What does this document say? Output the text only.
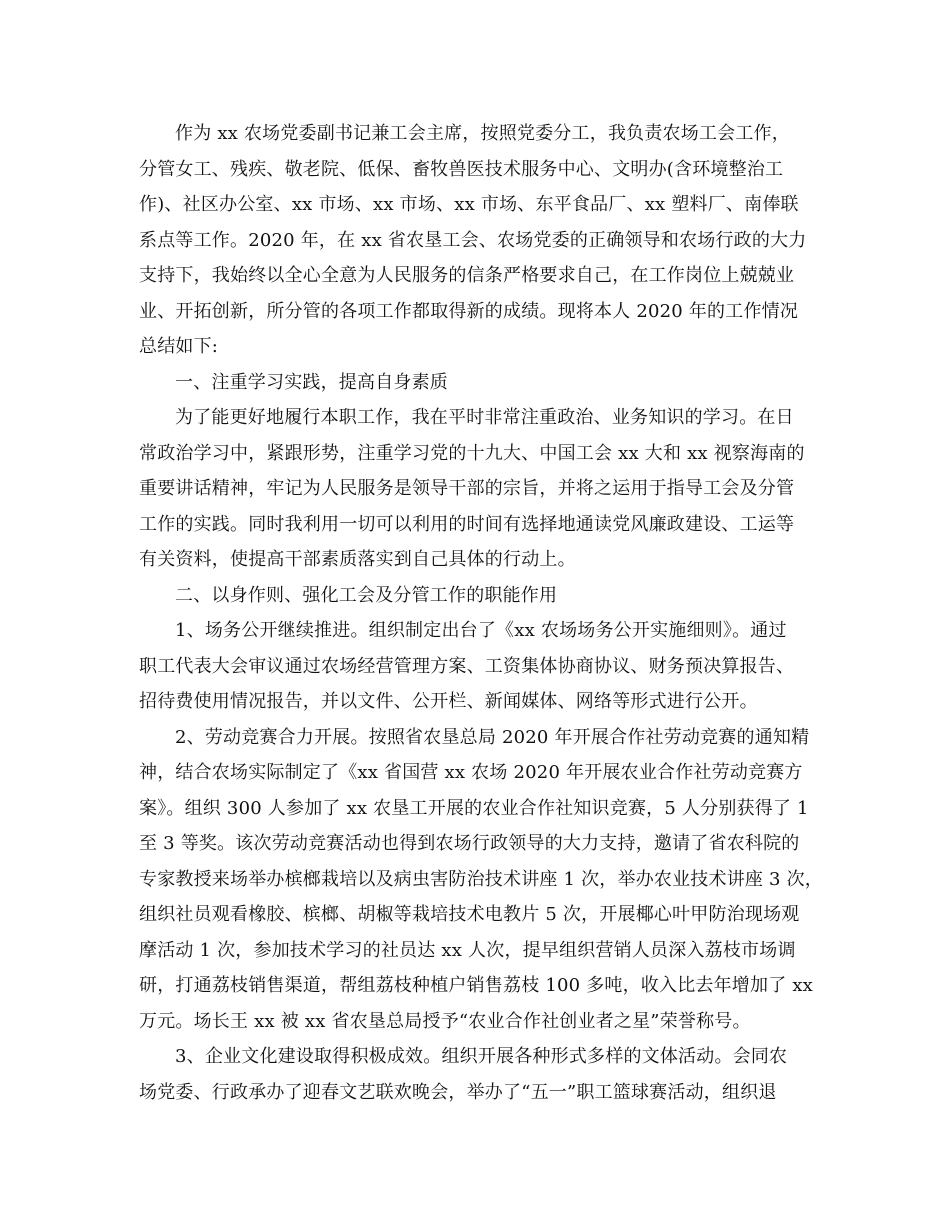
作为 xx 农场党委副书记兼工会主席，按照党委分工，我负责农场工会工作，
分管女工、残疾、敬老院、低保、畜牧兽医技术服务中心、文明办(含环境整治工
作)、社区办公室、xx 市场、xx 市场、xx 市场、东平食品厂、xx 塑料厂、南俸联
系点等工作。2020 年，在 xx 省农垦工会、农场党委的正确领导和农场行政的大力
支持下，我始终以全心全意为人民服务的信条严格要求自己，在工作岗位上兢兢业
业、开拓创新，所分管的各项工作都取得新的成绩。现将本人 2020 年的工作情况
总结如下:
一、注重学习实践，提高自身素质
为了能更好地履行本职工作，我在平时非常注重政治、业务知识的学习。在日
常政治学习中，紧跟形势，注重学习党的十九大、中国工会 xx 大和 xx 视察海南的
重要讲话精神，牢记为人民服务是领导干部的宗旨，并将之运用于指导工会及分管
工作的实践。同时我利用一切可以利用的时间有选择地通读党风廉政建设、工运等
有关资料，使提高干部素质落实到自己具体的行动上。
二、以身作则、强化工会及分管工作的职能作用
1、场务公开继续推进。组织制定出台了《xx 农场场务公开实施细则》。通过
职工代表大会审议通过农场经营管理方案、工资集体协商协议、财务预决算报告、
招待费使用情况报告，并以文件、公开栏、新闻媒体、网络等形式进行公开。
2、劳动竞赛合力开展。按照省农垦总局 2020 年开展合作社劳动竞赛的通知精
神，结合农场实际制定了《xx 省国营 xx 农场 2020 年开展农业合作社劳动竞赛方
案》。组织 300 人参加了 xx 农垦工开展的农业合作社知识竞赛，5 人分别获得了 1
至 3 等奖。该次劳动竞赛活动也得到农场行政领导的大力支持，邀请了省农科院的
专家教授来场举办槟榔栽培以及病虫害防治技术讲座 1 次，举办农业技术讲座 3 次，
组织社员观看橡胶、槟榔、胡椒等栽培技术电教片 5 次，开展椰心叶甲防治现场观
摩活动 1 次，参加技术学习的社员达 xx 人次，提早组织营销人员深入荔枝市场调
研，打通荔枝销售渠道，帮组荔枝种植户销售荔枝 100 多吨，收入比去年增加了 xx
万元。场长王 xx 被 xx 省农垦总局授予“农业合作社创业者之星”荣誉称号。
3、企业文化建设取得积极成效。组织开展各种形式多样的文体活动。会同农
场党委、行政承办了迎春文艺联欢晚会，举办了“五一”职工篮球赛活动，组织退
